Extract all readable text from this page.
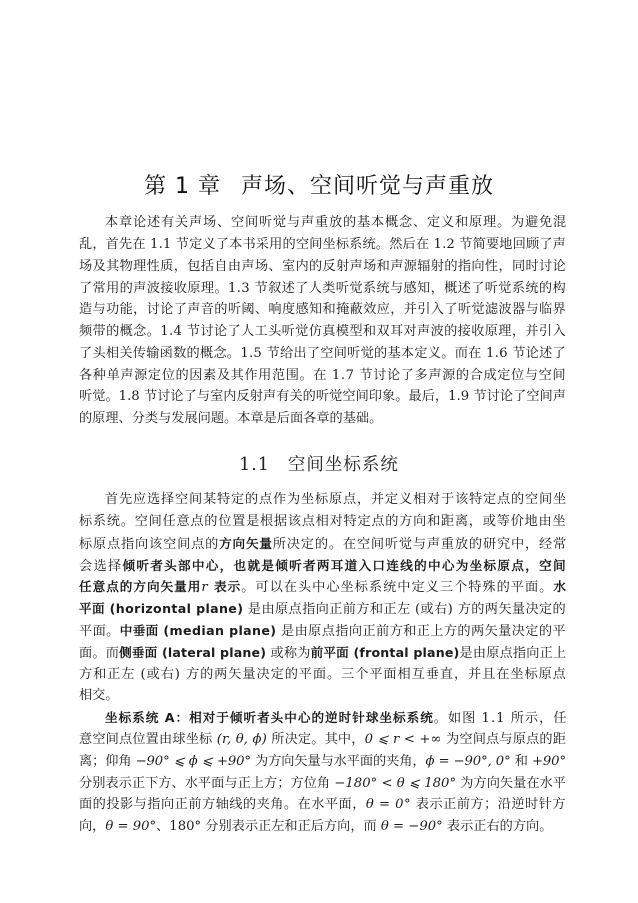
第 1 章 声场、空间听觉与声重放
本章论述有关声场、空间听觉与声重放的基本概念、定义和原理。为避免混
乱，首先在 1.1 节定义了本书采用的空间坐标系统。然后在 1.2 节简要地回顾了声
场及其物理性质，包括自由声场、室内的反射声场和声源辐射的指向性，同时讨论
了常用的声波接收原理。1.3 节叙述了人类听觉系统与感知，概述了听觉系统的构
造与功能，讨论了声音的听阈、响度感知和掩蔽效应，并引入了听觉滤波器与临界
频带的概念。1.4 节讨论了人工头听觉仿真模型和双耳对声波的接收原理，并引入
了头相关传输函数的概念。1.5 节给出了空间听觉的基本定义。而在 1.6 节论述了
各种单声源定位的因素及其作用范围。在 1.7 节讨论了多声源的合成定位与空间
听觉。1.8 节讨论了与室内反射声有关的听觉空间印象。最后，1.9 节讨论了空间声
的原理、分类与发展问题。本章是后面各章的基础。
1.1 空间坐标系统
首先应选择空间某特定的点作为坐标原点，并定义相对于该特定点的空间坐
标系统。空间任意点的位置是根据该点相对特定点的方向和距离，或等价地由坐
标原点指向该空间点的方向矢量所决定的。在空间听觉与声重放的研究中，经常
会选择倾听者头部中心，也就是倾听者两耳道入口连线的中心为坐标原点，空间
任意点的方向矢量用r 表示。可以在头中心坐标系统中定义三个特殊的平面。水
平面 (horizontal plane) 是由原点指向正前方和正左 (或右) 方的两矢量决定的
平面。中垂面 (median plane) 是由原点指向正前方和正上方的两矢量决定的平
面。而侧垂面 (lateral plane) 或称为前平面 (frontal plane)是由原点指向正上
方和正左 (或右) 方的两矢量决定的平面。三个平面相互垂直，并且在坐标原点
相交。
坐标系统 A：相对于倾听者头中心的逆时针球坐标系统。如图 1.1 所示，任
意空间点位置由球坐标 (r, θ, ϕ) 所决定。其中，0 ⩽ r < +∞ 为空间点与原点的距
离；仰角 −90° ⩽ ϕ ⩽ +90° 为方向矢量与水平面的夹角，ϕ = −90°, 0° 和 +90°
分别表示正下方、水平面与正上方；方位角 −180° < θ ⩽ 180° 为方向矢量在水平
面的投影与指向正前方轴线的夹角。在水平面，θ = 0° 表示正前方；沿逆时针方
向，θ = 90°、180° 分别表示正左和正后方向，而 θ = −90° 表示正右的方向。
